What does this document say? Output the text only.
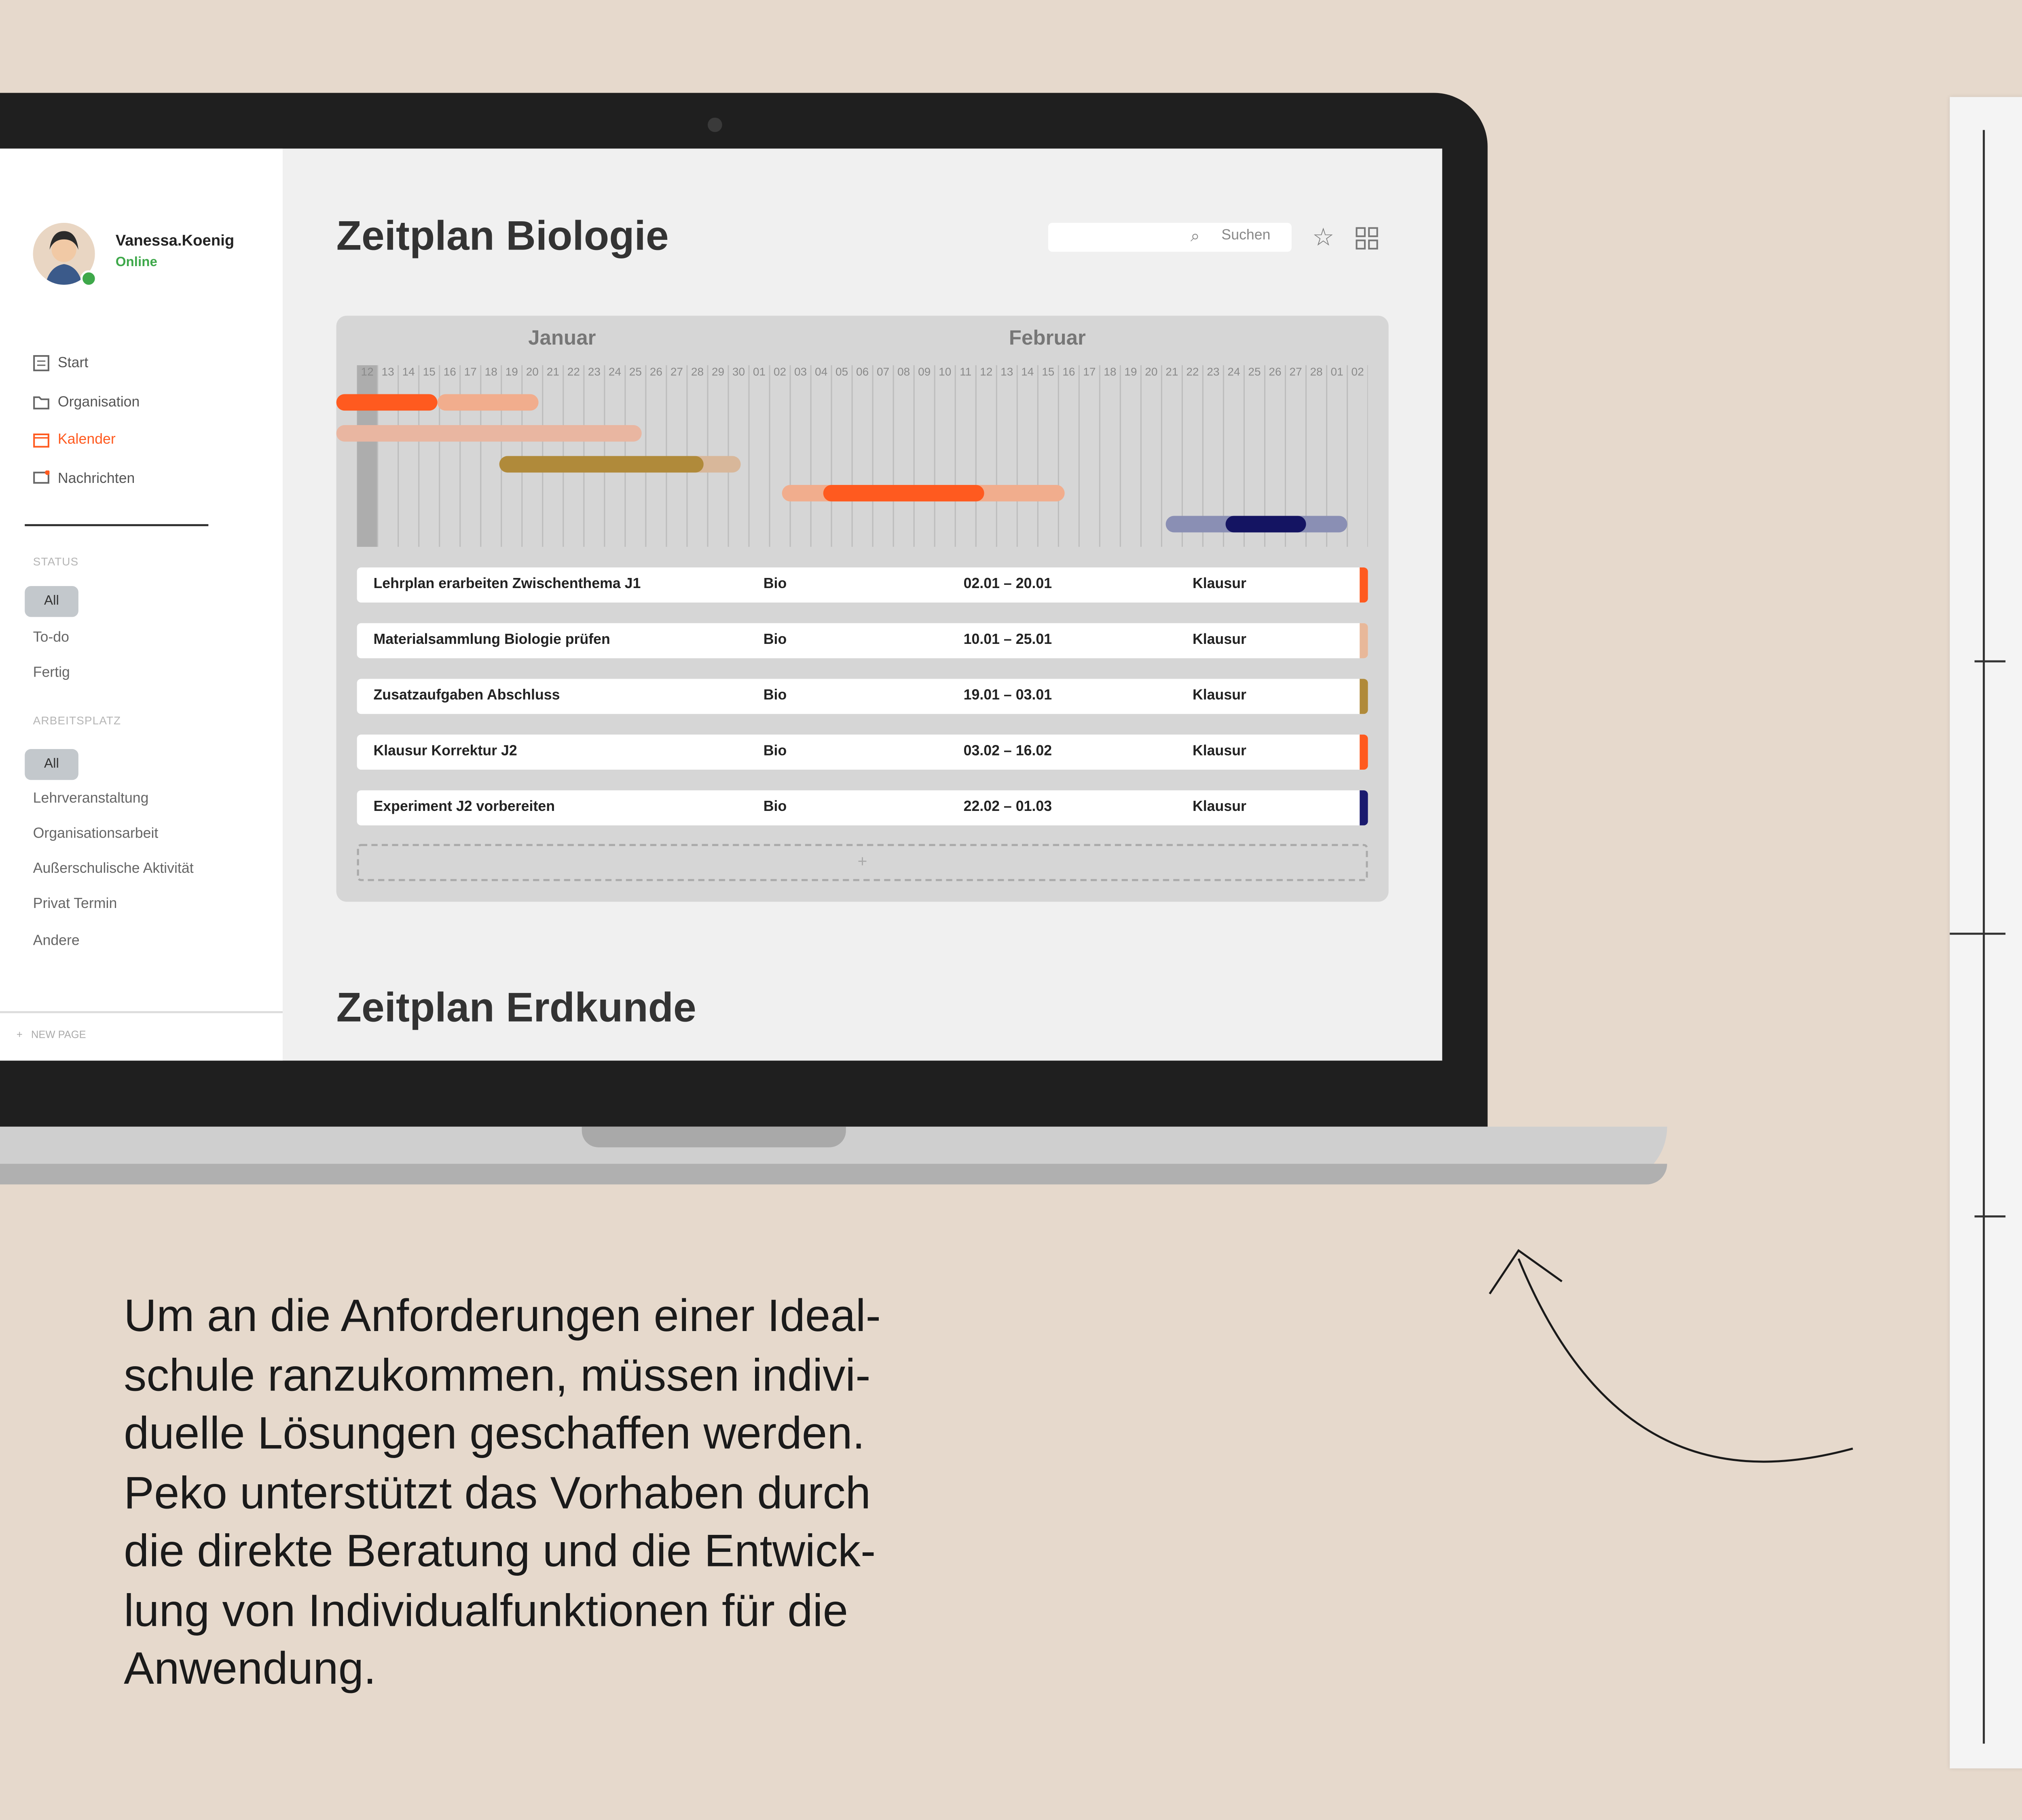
Vanessa.Koenig
Online
Start
Organisation
Kalender
Nachrichten
STATUS
All
To-do
Fertig
ARBEITSPLATZ
All
Lehrveranstaltung
Organisationsarbeit
Außerschulische Aktivität
Privat Termin
Andere
+	NEW PAGE
Zeitplan Biologie	⌕	Suchen	☆
Januar	Februar
12	13	14	15	16	17	18	19	20	21	22	23	24	25	26	27	28	29	30	01	02	03	04	05	06	07	08	09	10	11	12	13	14	15	16	17	18	19	20	21	22	23	24	25	26	27	28	01	02
Lehrplan erarbeiten Zwischenthema J1	Bio	02.01 – 20.01	Klausur
Materialsammlung Biologie prüfen	Bio	10.01 – 25.01	Klausur
Zusatzaufgaben Abschluss	Bio	19.01 – 03.01	Klausur
Klausur Korrektur J2	Bio	03.02 – 16.02	Klausur
Experiment J2 vorbereiten	Bio	22.02 – 01.03	Klausur
+
Zeitplan Erdkunde
Um an die Anforderungen einer Ideal-
schule ranzukommen, müssen indivi-
duelle Lösungen geschaffen werden.
Peko unterstützt das Vorhaben durch
die direkte Beratung und die Entwick-
lung von Individualfunktionen für die
Anwendung.
